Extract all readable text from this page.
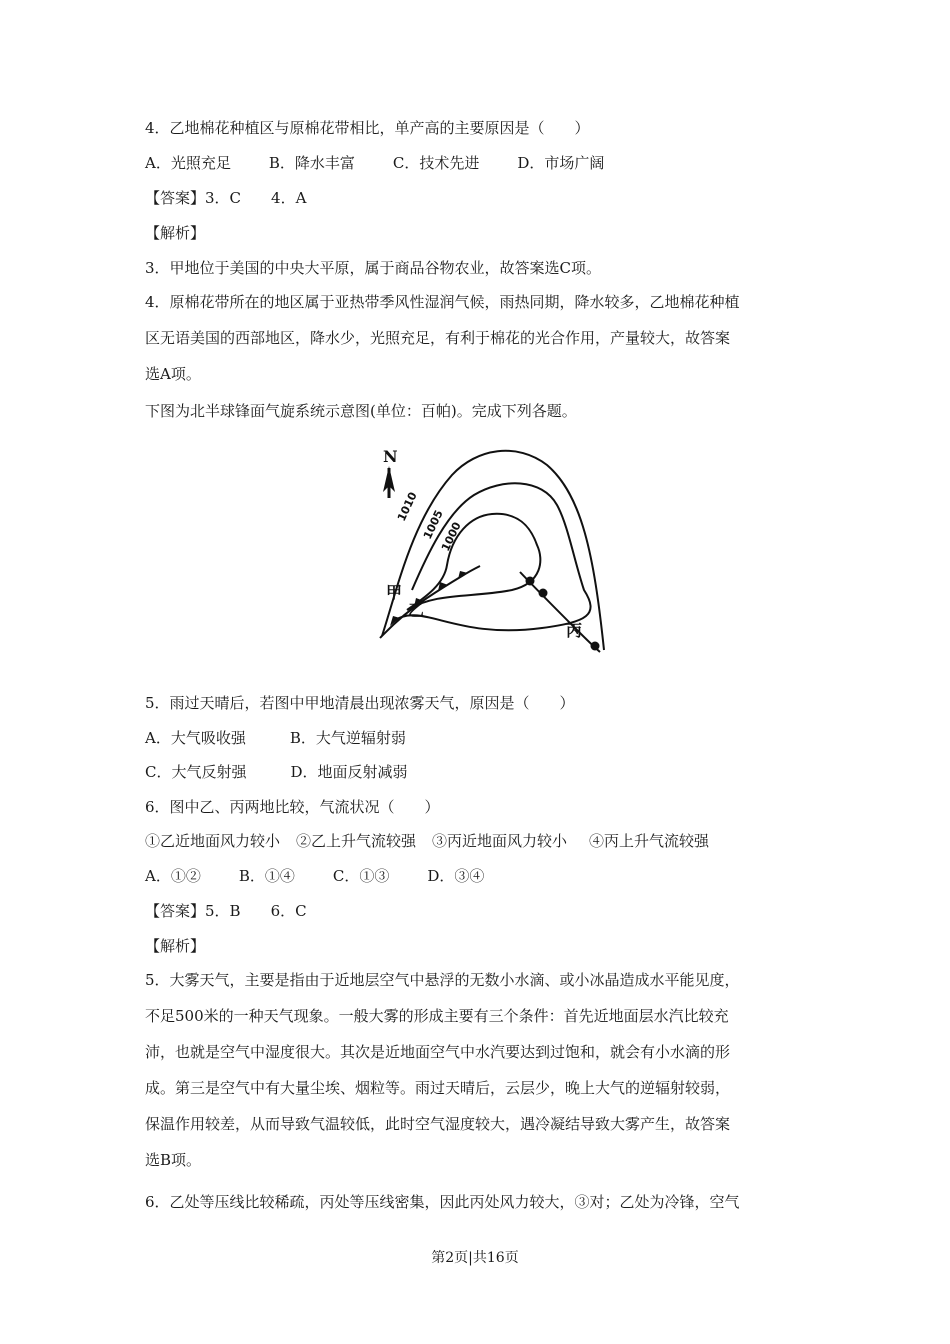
4．乙地棉花种植区与原棉花带相比，单产高的主要原因是（　　）
A．光照充足	B．降水丰富	C．技术先进	D．市场广阔
【答案】3．C　　4．A
【解析】
3．甲地位于美国的中央大平原，属于商品谷物农业，故答案选C项。
4．原棉花带所在的地区属于亚热带季风性湿润气候，雨热同期，降水较多，乙地棉花种植
区无语美国的西部地区，降水少，光照充足，有利于棉花的光合作用，产量较大，故答案
选A项。
下图为北半球锋面气旋系统示意图(单位：百帕)。完成下列各题。
N
1010
1005
1000
甲
乙
丙
5．雨过天晴后，若图中甲地清晨出现浓雾天气，原因是（　　）
A．大气吸收强	B．大气逆辐射弱
C．大气反射强	D．地面反射减弱
6．图中乙、丙两地比较，气流状况（　　）
①乙近地面风力较小 ②乙上升气流较强 ③丙近地面风力较小 ④丙上升气流较强
A．①②	B．①④	C．①③	D．③④
【答案】5．B　　6．C
【解析】
5．大雾天气，主要是指由于近地层空气中悬浮的无数小水滴、或小冰晶造成水平能见度，
不足500米的一种天气现象。一般大雾的形成主要有三个条件：首先近地面层水汽比较充
沛，也就是空气中湿度很大。其次是近地面空气中水汽要达到过饱和，就会有小水滴的形
成。第三是空气中有大量尘埃、烟粒等。雨过天晴后，云层少，晚上大气的逆辐射较弱，
保温作用较差，从而导致气温较低，此时空气湿度较大，遇冷凝结导致大雾产生，故答案
选B项。
6．乙处等压线比较稀疏，丙处等压线密集，因此丙处风力较大，③对；乙处为冷锋，空气
第2页|共16页
